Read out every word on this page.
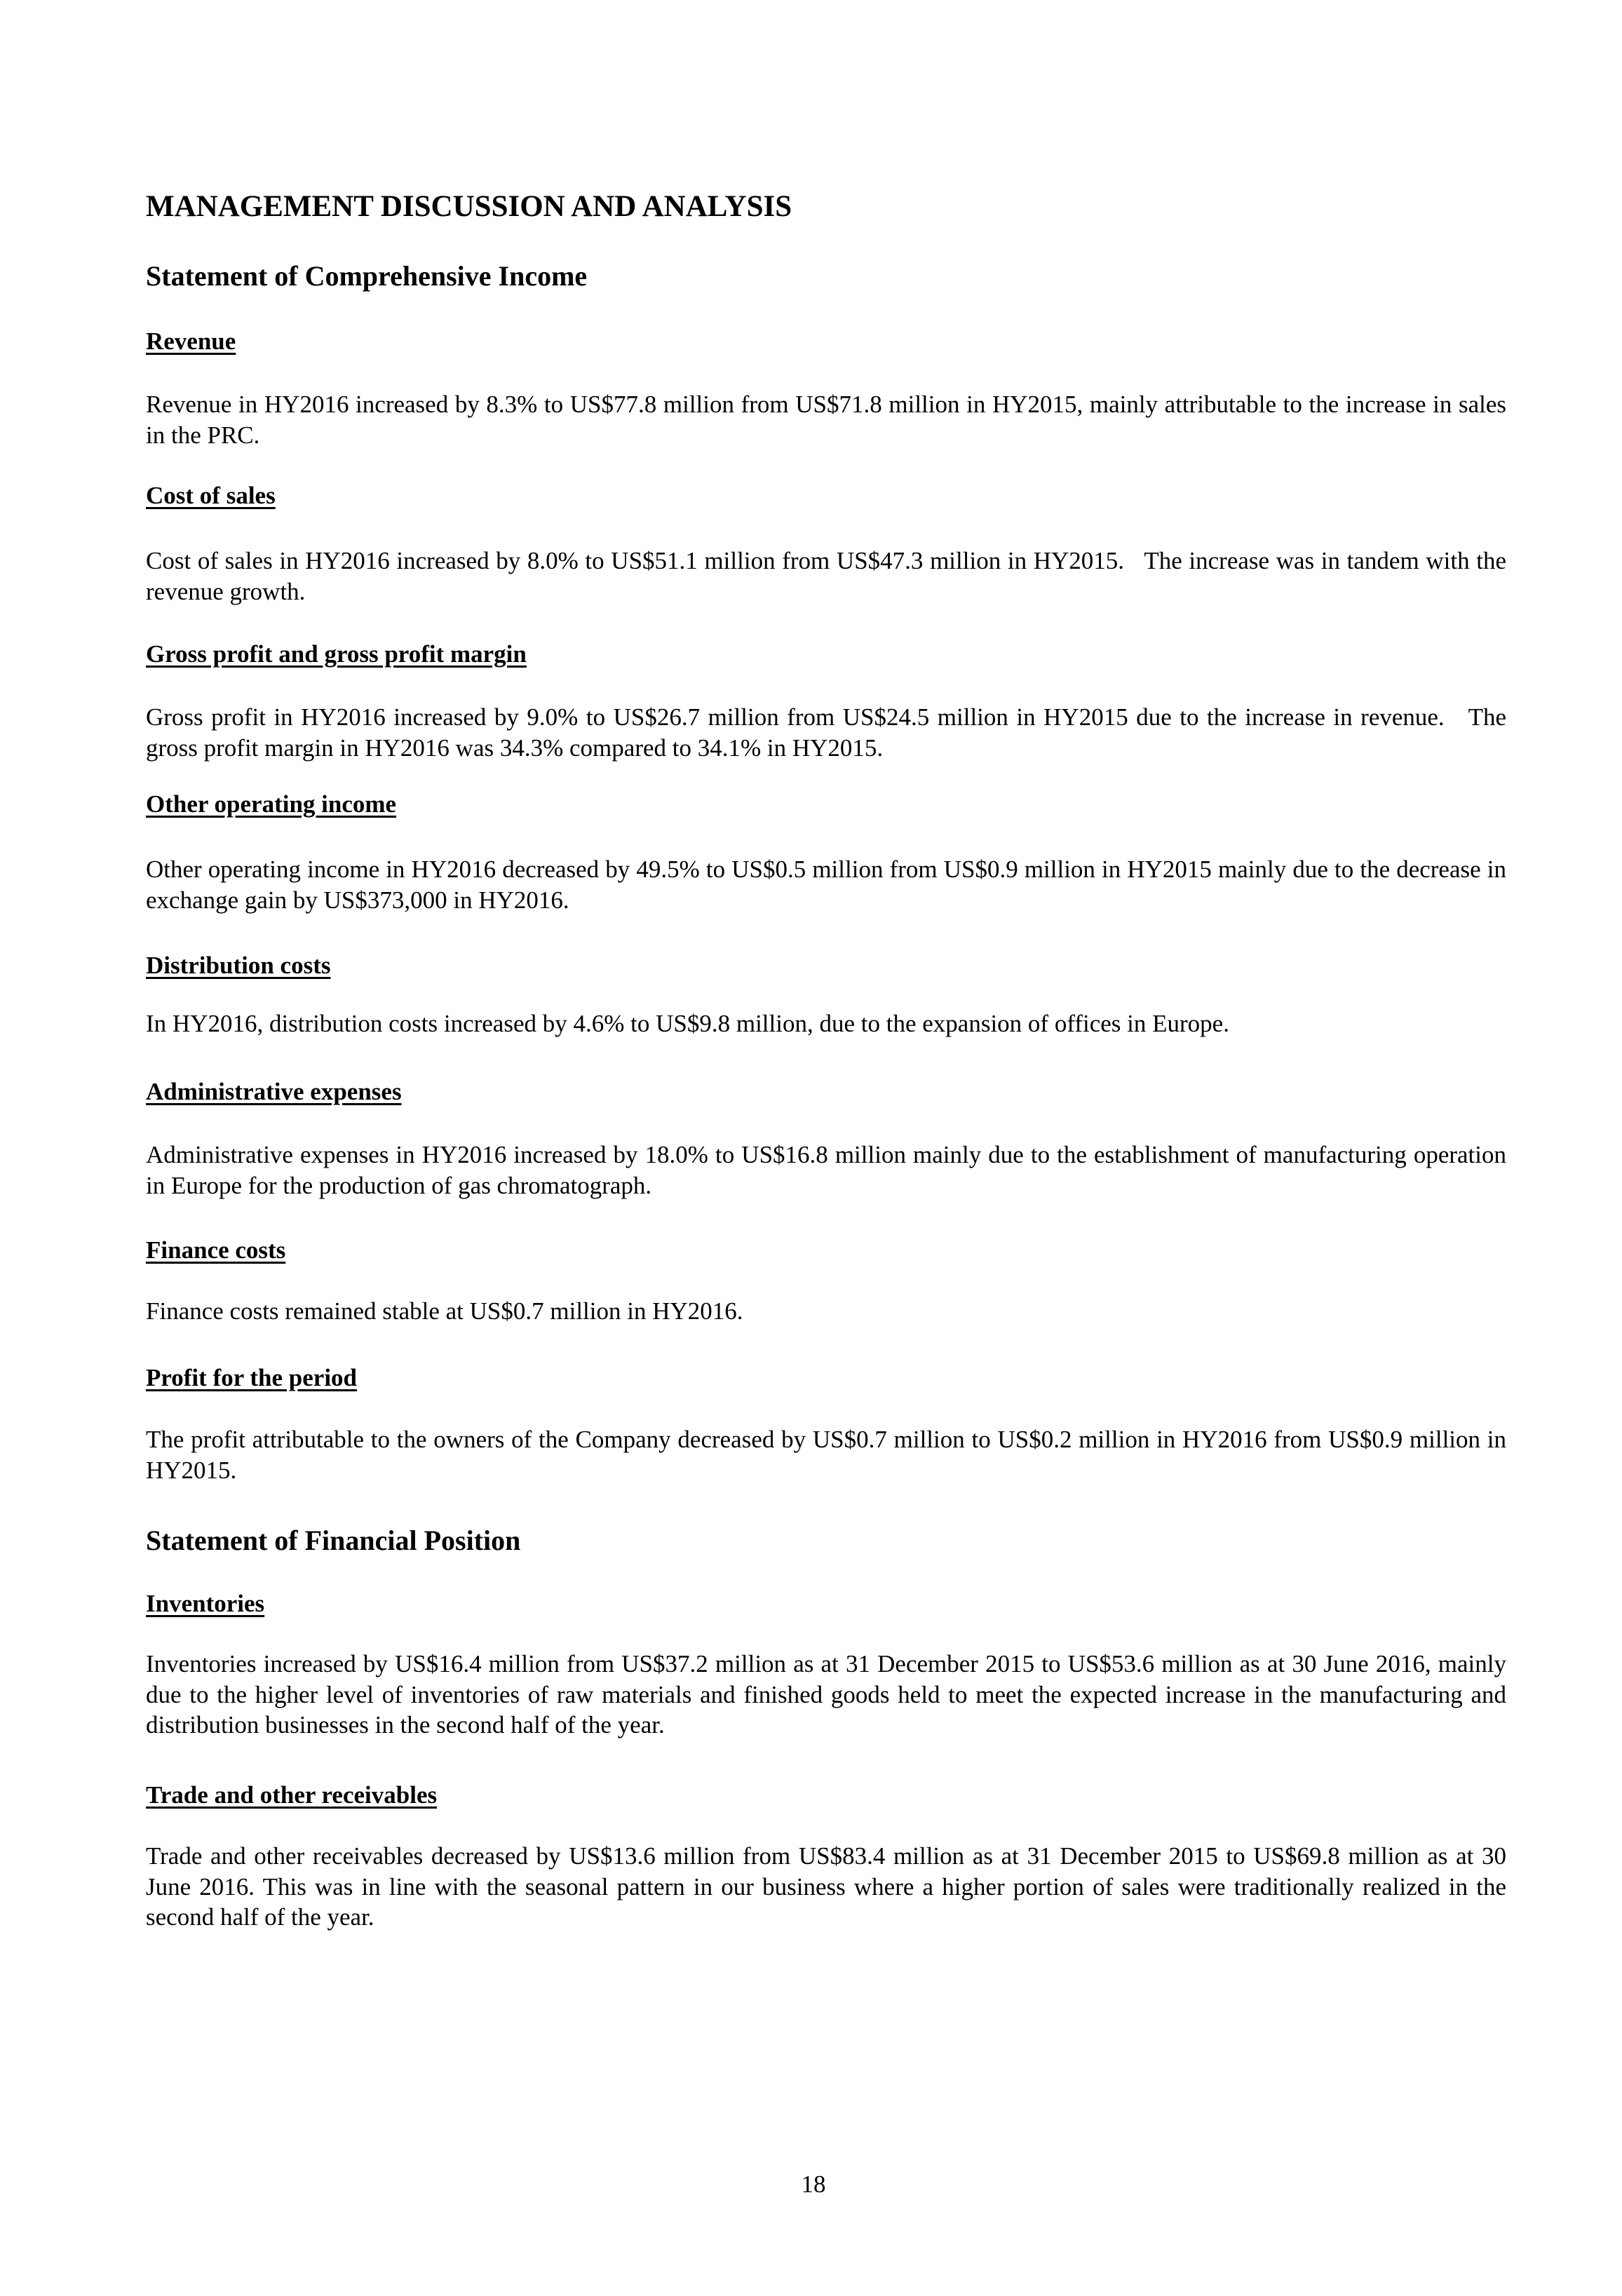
MANAGEMENT DISCUSSION AND ANALYSIS
Statement of Comprehensive Income
Revenue

Revenue in HY2016 increased by 8.3% to US$77.8 million from US$71.8 million in HY2015, mainly attributable to the increase in sales in the PRC.

Cost of sales

Cost of sales in HY2016 increased by 8.0% to US$51.1 million from US$47.3 million in HY2015.   The increase was in tandem with the revenue growth.

Gross profit and gross profit margin

Gross profit in HY2016 increased by 9.0% to US$26.7 million from US$24.5 million in HY2015 due to the increase in revenue.   The gross profit margin in HY2016 was 34.3% compared to 34.1% in HY2015.

Other operating income

Other operating income in HY2016 decreased by 49.5% to US$0.5 million from US$0.9 million in HY2015 mainly due to the decrease in exchange gain by US$373,000 in HY2016.

Distribution costs

In HY2016, distribution costs increased by 4.6% to US$9.8 million, due to the expansion of offices in Europe.

Administrative expenses

Administrative expenses in HY2016 increased by 18.0% to US$16.8 million mainly due to the establishment of manufacturing operation in Europe for the production of gas chromatograph.

Finance costs

Finance costs remained stable at US$0.7 million in HY2016.

Profit for the period

The profit attributable to the owners of the Company decreased by US$0.7 million to US$0.2 million in HY2016 from US$0.9 million in HY2015.

Statement of Financial Position
Inventories

Inventories increased by US$16.4 million from US$37.2 million as at 31 December 2015 to US$53.6 million as at 30 June 2016, mainly due to the higher level of inventories of raw materials and finished goods held to meet the expected increase in the manufacturing and distribution businesses in the second half of the year.

Trade and other receivables

Trade and other receivables decreased by US$13.6 million from US$83.4 million as at 31 December 2015 to US$69.8 million as at 30 June 2016. This was in line with the seasonal pattern in our business where a higher portion of sales were traditionally realized in the second half of the year.

18
